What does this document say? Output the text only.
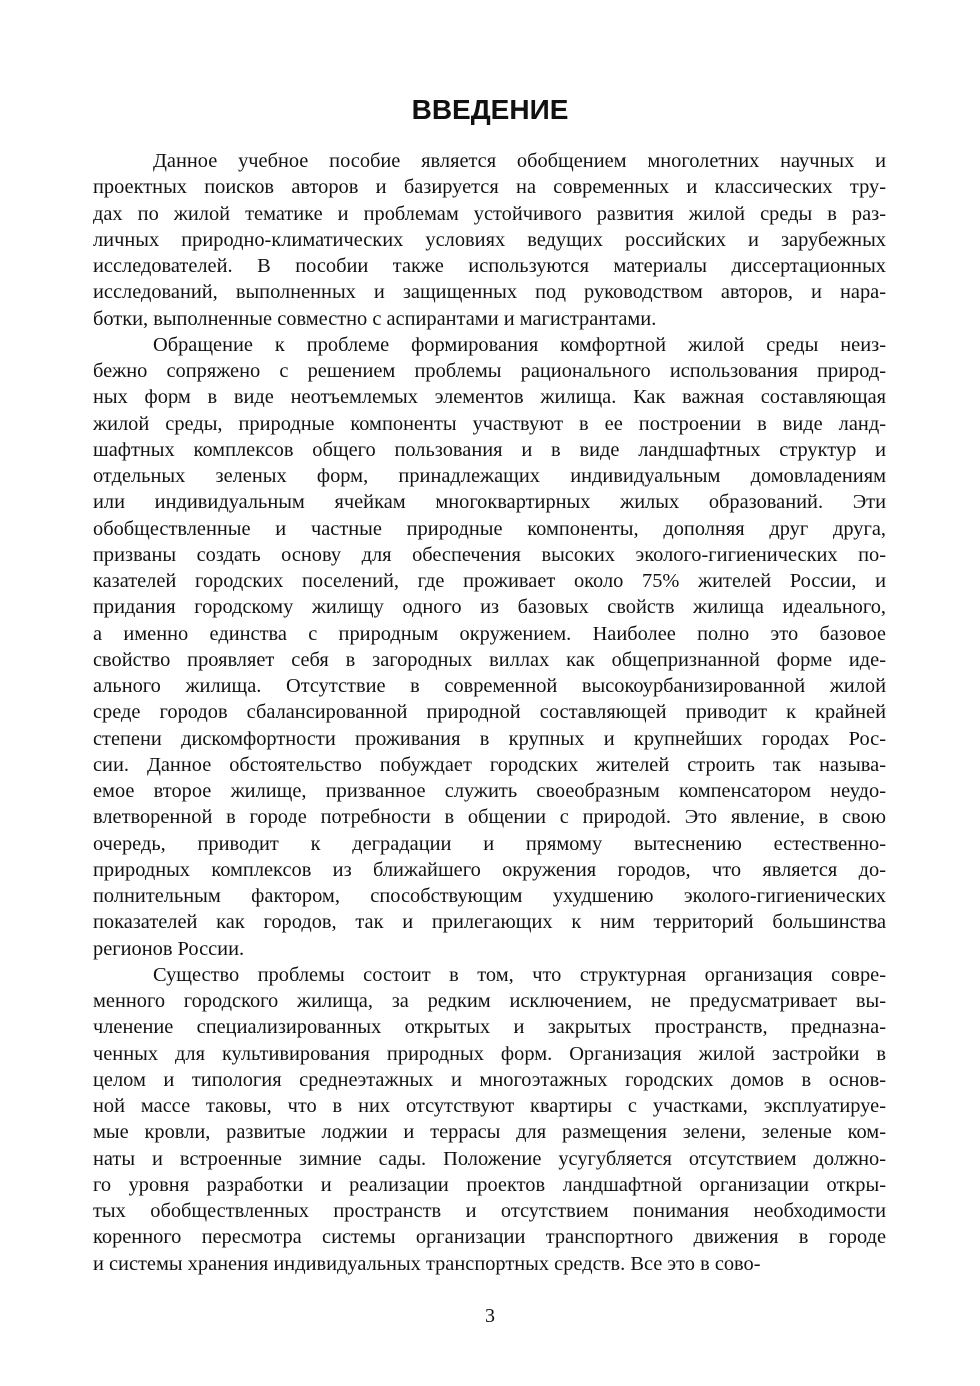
ВВЕДЕНИЕ
Данное учебное пособие является обобщением многолетних научных и
проектных поисков авторов и базируется на современных и классических тру-
дах по жилой тематике и проблемам устойчивого развития жилой среды в раз-
личных природно-климатических условиях ведущих российских и зарубежных
исследователей. В пособии также используются материалы диссертационных
исследований, выполненных и защищенных под руководством авторов, и нара-
ботки, выполненные совместно с аспирантами и магистрантами.
Обращение к проблеме формирования комфортной жилой среды неиз-
бежно сопряжено с решением проблемы рационального использования природ-
ных форм в виде неотъемлемых элементов жилища. Как важная составляющая
жилой среды, природные компоненты участвуют в ее построении в виде ланд-
шафтных комплексов общего пользования и в виде ландшафтных структур и
отдельных зеленых форм, принадлежащих индивидуальным домовладениям
или индивидуальным ячейкам многоквартирных жилых образований. Эти
обобществленные и частные природные компоненты, дополняя друг друга,
призваны создать основу для обеспечения высоких эколого-гигиенических по-
казателей городских поселений, где проживает около 75% жителей России, и
придания городскому жилищу одного из базовых свойств жилища идеального,
а именно единства с природным окружением. Наиболее полно это базовое
свойство проявляет себя в загородных виллах как общепризнанной форме иде-
ального жилища. Отсутствие в современной высокоурбанизированной жилой
среде городов сбалансированной природной составляющей приводит к крайней
степени дискомфортности проживания в крупных и крупнейших городах Рос-
сии. Данное обстоятельство побуждает городских жителей строить так называ-
емое второе жилище, призванное служить своеобразным компенсатором неудо-
влетворенной в городе потребности в общении с природой. Это явление, в свою
очередь, приводит к деградации и прямому вытеснению естественно-
природных комплексов из ближайшего окружения городов, что является до-
полнительным фактором, способствующим ухудшению эколого-гигиенических
показателей как городов, так и прилегающих к ним территорий большинства
регионов России.
Существо проблемы состоит в том, что структурная организация совре-
менного городского жилища, за редким исключением, не предусматривает вы-
членение специализированных открытых и закрытых пространств, предназна-
ченных для культивирования природных форм. Организация жилой застройки в
целом и типология среднеэтажных и многоэтажных городских домов в основ-
ной массе таковы, что в них отсутствуют квартиры с участками, эксплуатируе-
мые кровли, развитые лоджии и террасы для размещения зелени, зеленые ком-
наты и встроенные зимние сады. Положение усугубляется отсутствием должно-
го уровня разработки и реализации проектов ландшафтной организации откры-
тых обобществленных пространств и отсутствием понимания необходимости
коренного пересмотра системы организации транспортного движения в городе
и системы хранения индивидуальных транспортных средств. Все это в сово-
3
